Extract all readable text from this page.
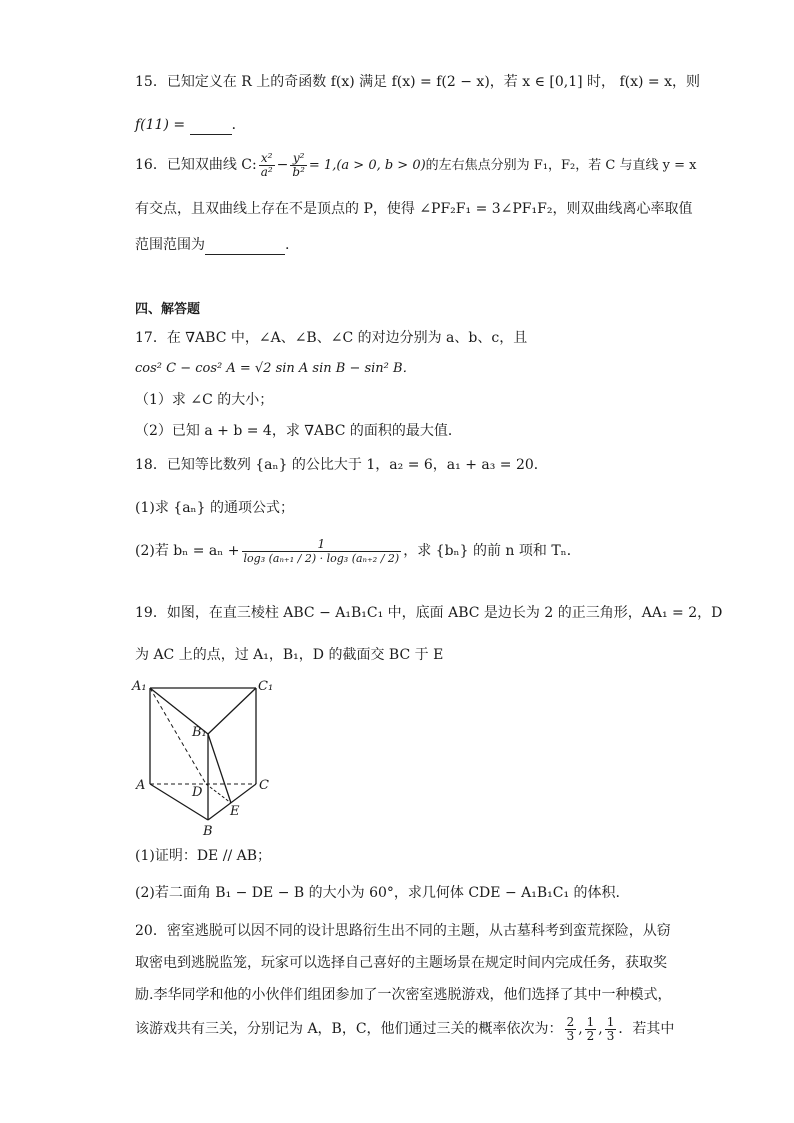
15．已知定义在 R 上的奇函数 f(x) 满足 f(x) = f(2 − x)，若 x ∈ [0,1] 时， f(x) = x，则
f(11) =	．
16．已知双曲线 C: $\frac{\text{x²}}{\text{a²}} - \frac{\text{y²}}{\text{b²}} = 1,(a > 0$, b > 0)的左右焦点分别为 F₁，F₂，若 C 与直线 y = x
有交点，且双曲线上存在不是顶点的 P，使得 ∠PF₂F₁ = 3∠PF₁F₂，则双曲线离心率取值
范围范围为	.
四、解答题
17．在 ∇ABC 中，∠A、∠B、∠C 的对边分别为 a、b、c，且
cos² C − cos² A = √2 sin A sin B − sin² B．
（1）求 ∠C 的大小；
（2）已知 a + b = 4，求 ∇ABC 的面积的最大值．
18．已知等比数列 {aₙ} 的公比大于 1，a₂ = 6，a₁ + a₃ = 20．
(1)求 {aₙ} 的通项公式；
(2)若 $b_n = a_n + \frac{1}{\text{log₃ (aₙ₊₁ / 2) · log₃ (aₙ₊₂ / 2)}}$ ，求 {bₙ} 的前 n 项和 Tₙ．
19．如图，在直三棱柱 ABC − A₁B₁C₁ 中，底面 ABC 是边长为 2 的正三角形，AA₁ = 2，D
为 AC 上的点，过 A₁，B₁，D 的截面交 BC 于 E
A₁	C₁
B₁
A	C
D
E
B
(1)证明：DE // AB；
(2)若二面角 B₁ − DE − B 的大小为 60°，求几何体 CDE − A₁B₁C₁ 的体积.
20．密室逃脱可以因不同的设计思路衍生出不同的主题，从古墓科考到蛮荒探险，从窃
取密电到逃脱监笼，玩家可以选择自己喜好的主题场景在规定时间内完成任务，获取奖
励.李华同学和他的小伙伴们组团参加了一次密室逃脱游戏，他们选择了其中一种模式，
该游戏共有三关，分别记为 A，B，C，他们通过三关的概率依次为： $\frac{2}{3}$ , $\frac{1}{2}$ , $\frac{1}{3}$ ．若其中
